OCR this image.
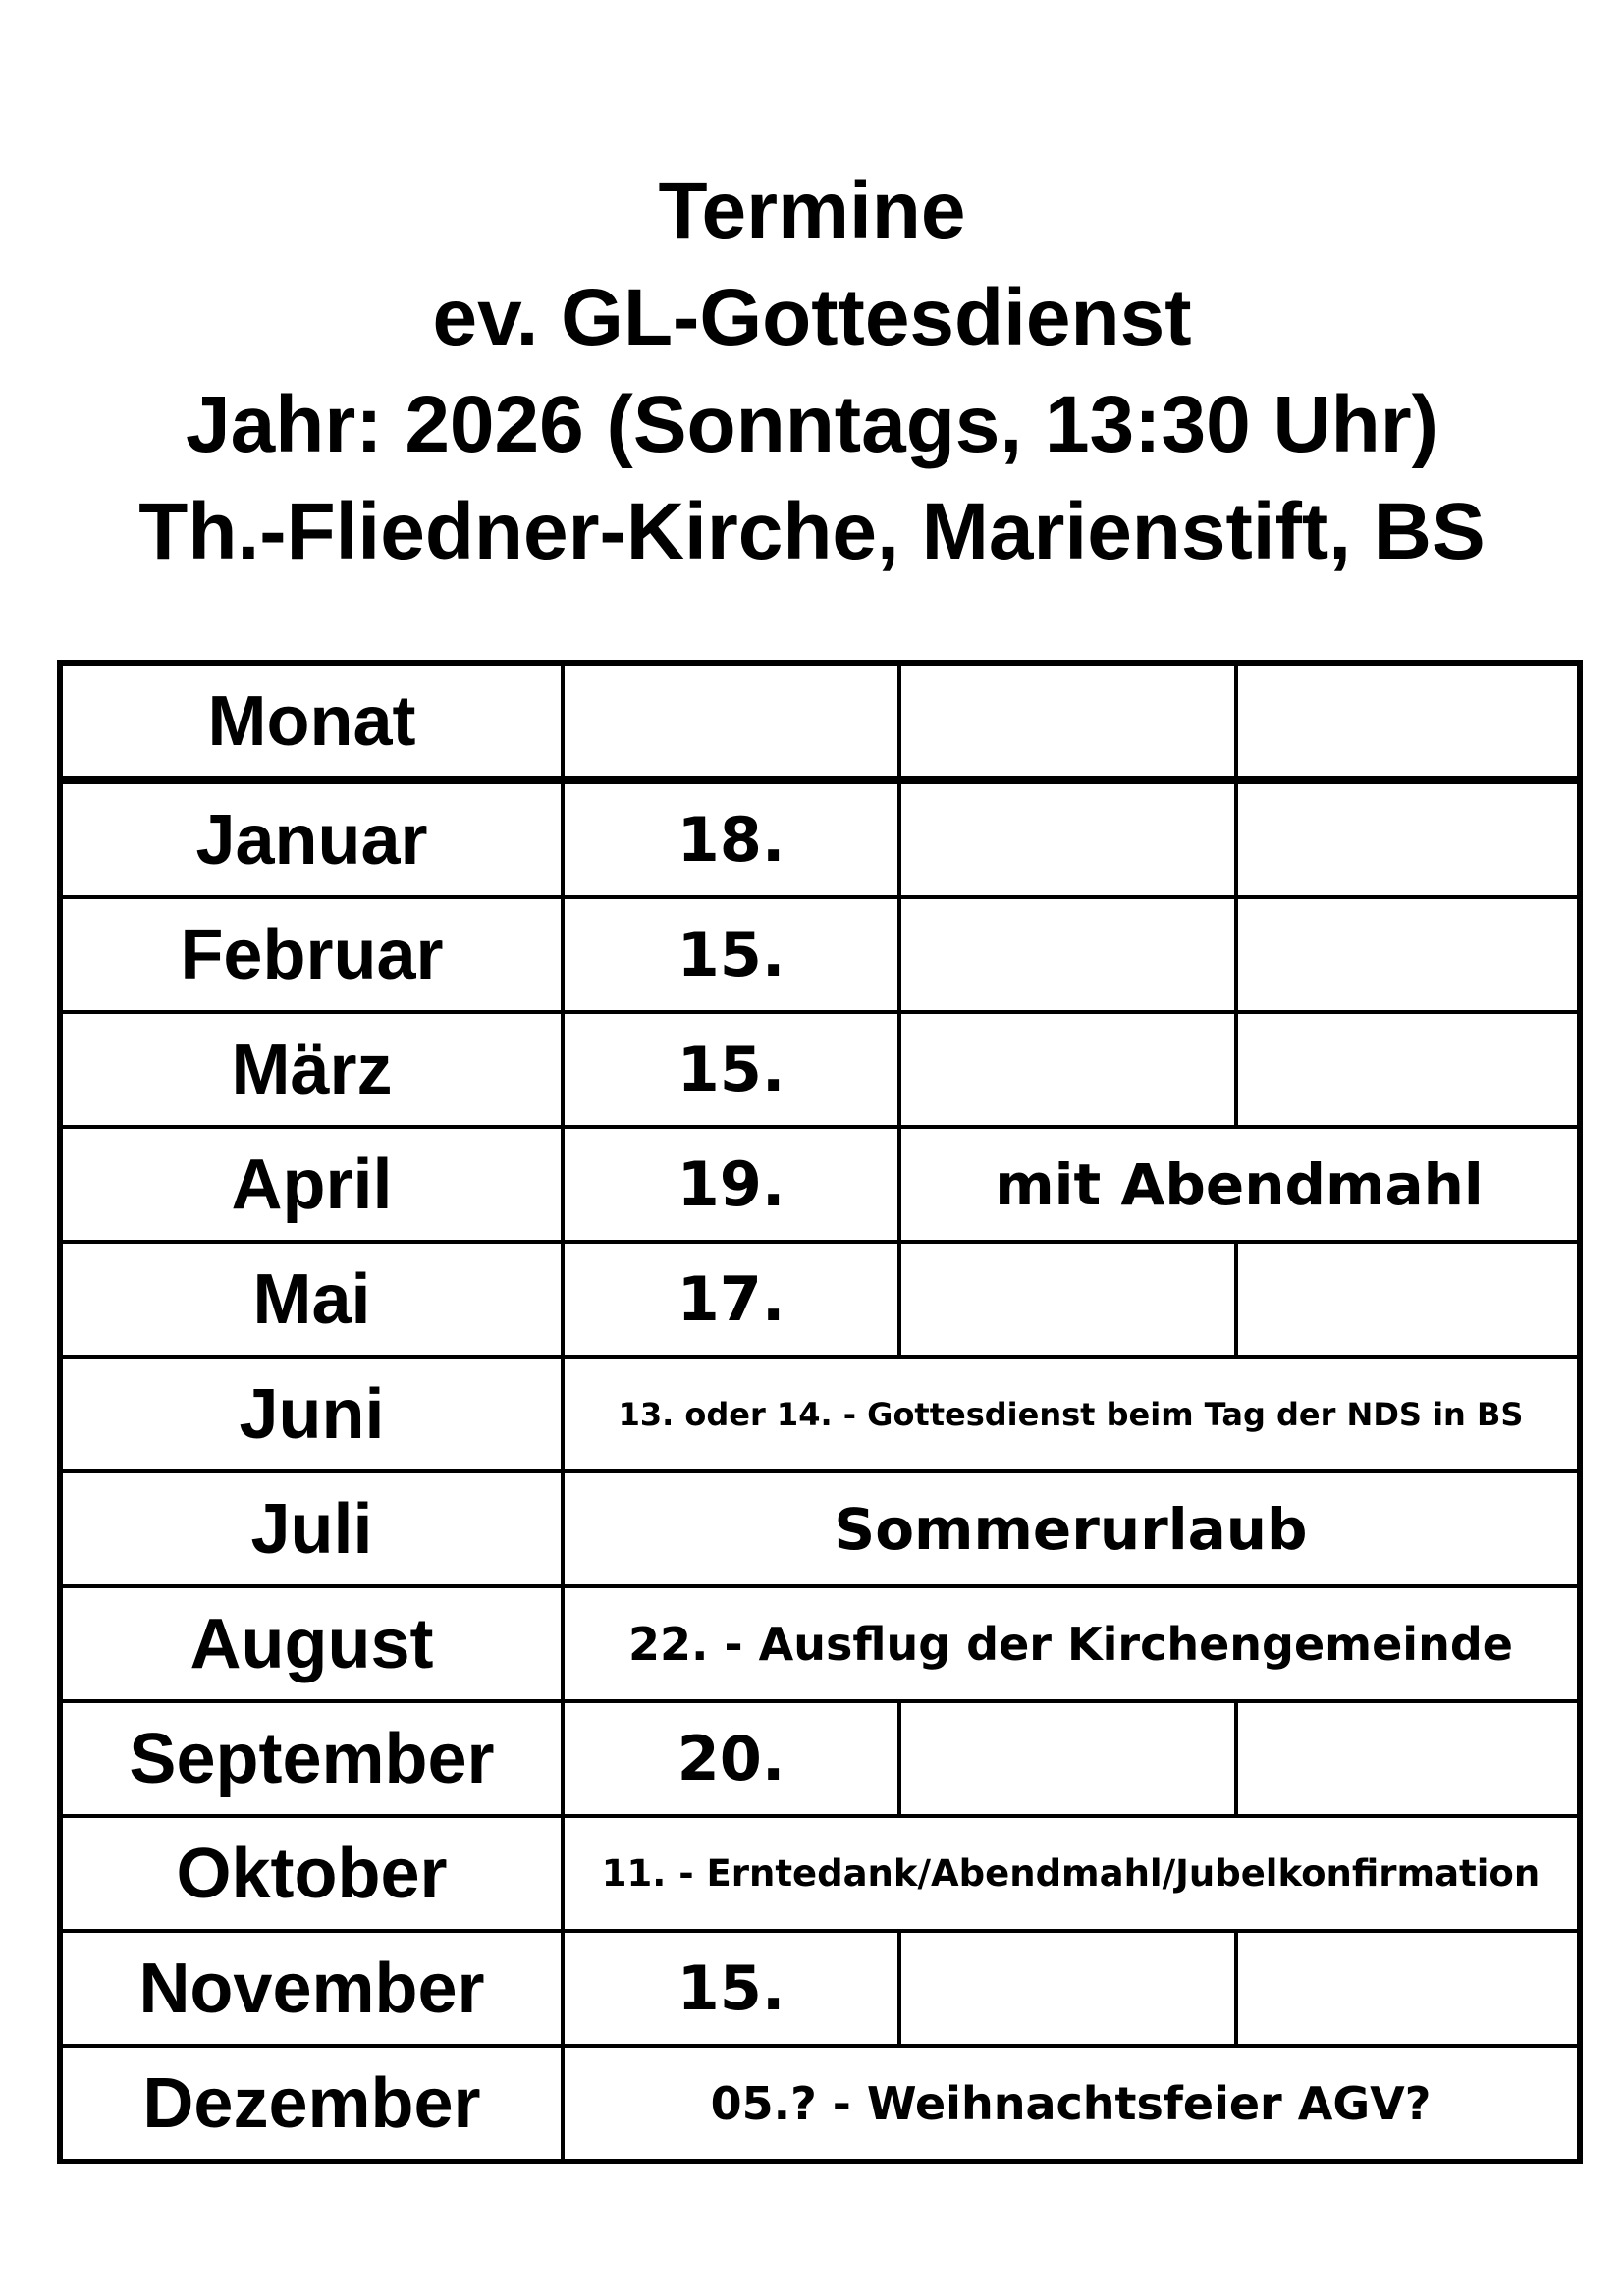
Termine
ev. GL-Gottesdienst
Jahr: 2026 (Sonntags, 13:30 Uhr)
Th.-Fliedner-Kirche, Marienstift, BS
Monat			
Januar	18.		
Februar	15.		
März	15.		
April	19.	mit Abendmahl	
Mai	17.		
Juni	13. oder 14. - Gottesdienst beim Tag der NDS in BS		
Juli	Sommerurlaub		
August	22. - Ausflug der Kirchengemeinde		
September	20.		
Oktober	11. - Erntedank/Abendmahl/Jubelkonfirmation		
November	15.		
Dezember	05.? - Weihnachtsfeier AGV?		
